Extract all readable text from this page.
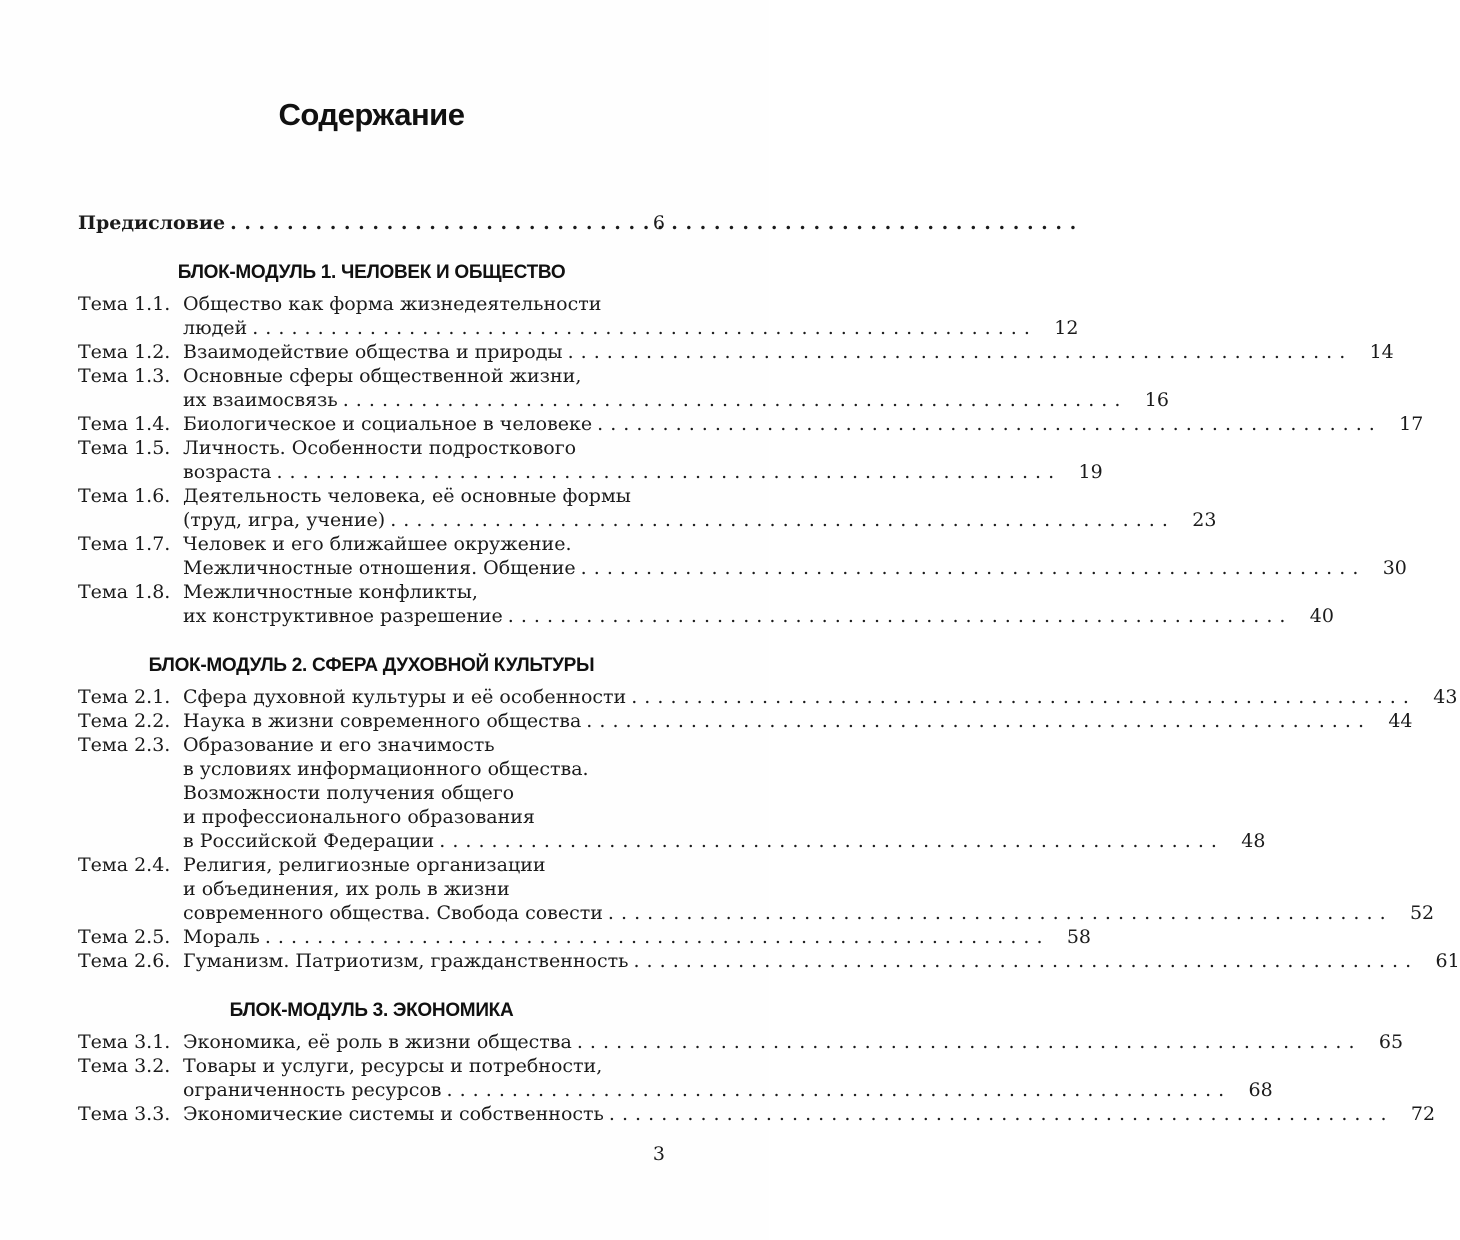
Содержание
Предисловие . . .	6
БЛОК-МОДУЛЬ 1. ЧЕЛОВЕК И ОБЩЕСТВО
Тема 1.1. Общество как форма жизнедеятельности
людей . . .	12
Тема 1.2. Взаимодействие общества и природы . . .	14
Тема 1.3. Основные сферы общественной жизни,
их взаимосвязь . . .	16
Тема 1.4. Биологическое и социальное в человеке . . .	17
Тема 1.5. Личность. Особенности подросткового
возраста . . .	19
Тема 1.6. Деятельность человека, её основные формы
(труд, игра, учение) . . .	23
Тема 1.7. Человек и его ближайшее окружение.
Межличностные отношения. Общение . . .	30
Тема 1.8. Межличностные конфликты,
их конструктивное разрешение . . .	40
БЛОК-МОДУЛЬ 2. СФЕРА ДУХОВНОЙ КУЛЬТУРЫ
Тема 2.1. Сфера духовной культуры и её особенности . . .	43
Тема 2.2. Наука в жизни современного общества . . .	44
Тема 2.3. Образование и его значимость
в условиях информационного общества.
Возможности получения общего
и профессионального образования
в Российской Федерации . . .	48
Тема 2.4. Религия, религиозные организации
и объединения, их роль в жизни
современного общества. Свобода совести . . .	52
Тема 2.5. Мораль . . .	58
Тема 2.6. Гуманизм. Патриотизм, гражданственность . . .	61
БЛОК-МОДУЛЬ 3. ЭКОНОМИКА
Тема 3.1. Экономика, её роль в жизни общества . . .	65
Тема 3.2. Товары и услуги, ресурсы и потребности,
ограниченность ресурсов . . .	68
Тема 3.3. Экономические системы и собственность . . .	72
3
